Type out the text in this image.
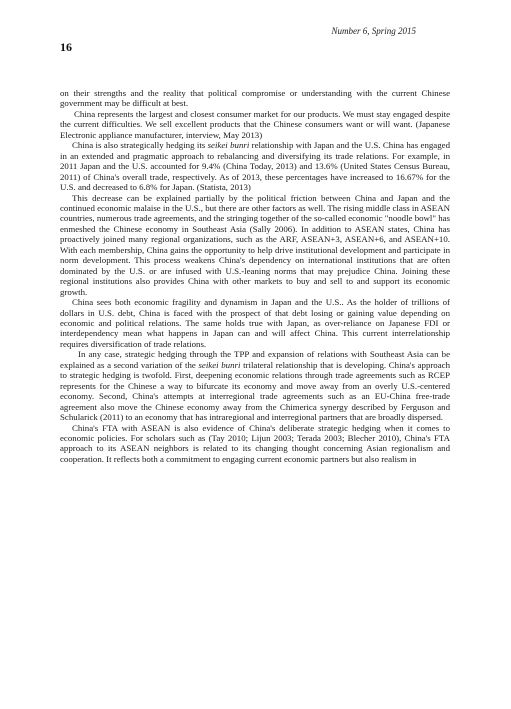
Number 6, Spring 2015
16

on their strengths and the reality that political compromise or understanding with the current Chinese government may be difficult at best.

China represents the largest and closest consumer market for our products. We must stay engaged despite the current difficulties. We sell excellent products that the Chinese consumers want or will want. (Japanese Electronic appliance manufacturer, interview, May 2013)

China is also strategically hedging its seikei bunri relationship with Japan and the U.S. China has engaged in an extended and pragmatic approach to rebalancing and diversifying its trade relations. For example, in 2011 Japan and the U.S. accounted for 9.4% (China Today, 2013) and 13.6% (United States Census Bureau, 2011) of China's overall trade, respectively. As of 2013, these percentages have increased to 16.67% for the U.S. and decreased to 6.8% for Japan. (Statista, 2013)

This decrease can be explained partially by the political friction between China and Japan and the continued economic malaise in the U.S., but there are other factors as well. The rising middle class in ASEAN countries, numerous trade agreements, and the stringing together of the so-called economic "noodle bowl" has enmeshed the Chinese economy in Southeast Asia (Sally 2006). In addition to ASEAN states, China has proactively joined many regional organizations, such as the ARF, ASEAN+3, ASEAN+6, and ASEAN+10. With each membership, China gains the opportunity to help drive institutional development and participate in norm development. This process weakens China's dependency on international institutions that are often dominated by the U.S. or are infused with U.S.-leaning norms that may prejudice China. Joining these regional institutions also provides China with other markets to buy and sell to and support its economic growth.

China sees both economic fragility and dynamism in Japan and the U.S.. As the holder of trillions of dollars in U.S. debt, China is faced with the prospect of that debt losing or gaining value depending on economic and political relations. The same holds true with Japan, as over-reliance on Japanese FDI or interdependency mean what happens in Japan can and will affect China. This current interrelationship requires diversification of trade relations.

In any case, strategic hedging through the TPP and expansion of relations with Southeast Asia can be explained as a second variation of the seikei bunri trilateral relationship that is developing. China's approach to strategic hedging is twofold. First, deepening economic relations through trade agreements such as RCEP represents for the Chinese a way to bifurcate its economy and move away from an overly U.S.-centered economy. Second, China's attempts at interregional trade agreements such as an EU-China free-trade agreement also move the Chinese economy away from the Chimerica synergy described by Ferguson and Schularick (2011) to an economy that has intraregional and interregional partners that are broadly dispersed.

China's FTA with ASEAN is also evidence of China's deliberate strategic hedging when it comes to economic policies. For scholars such as (Tay 2010; Lijun 2003; Terada 2003; Blecher 2010), China's FTA approach to its ASEAN neighbors is related to its changing thought concerning Asian regionalism and cooperation. It reflects both a commitment to engaging current economic partners but also realism in
